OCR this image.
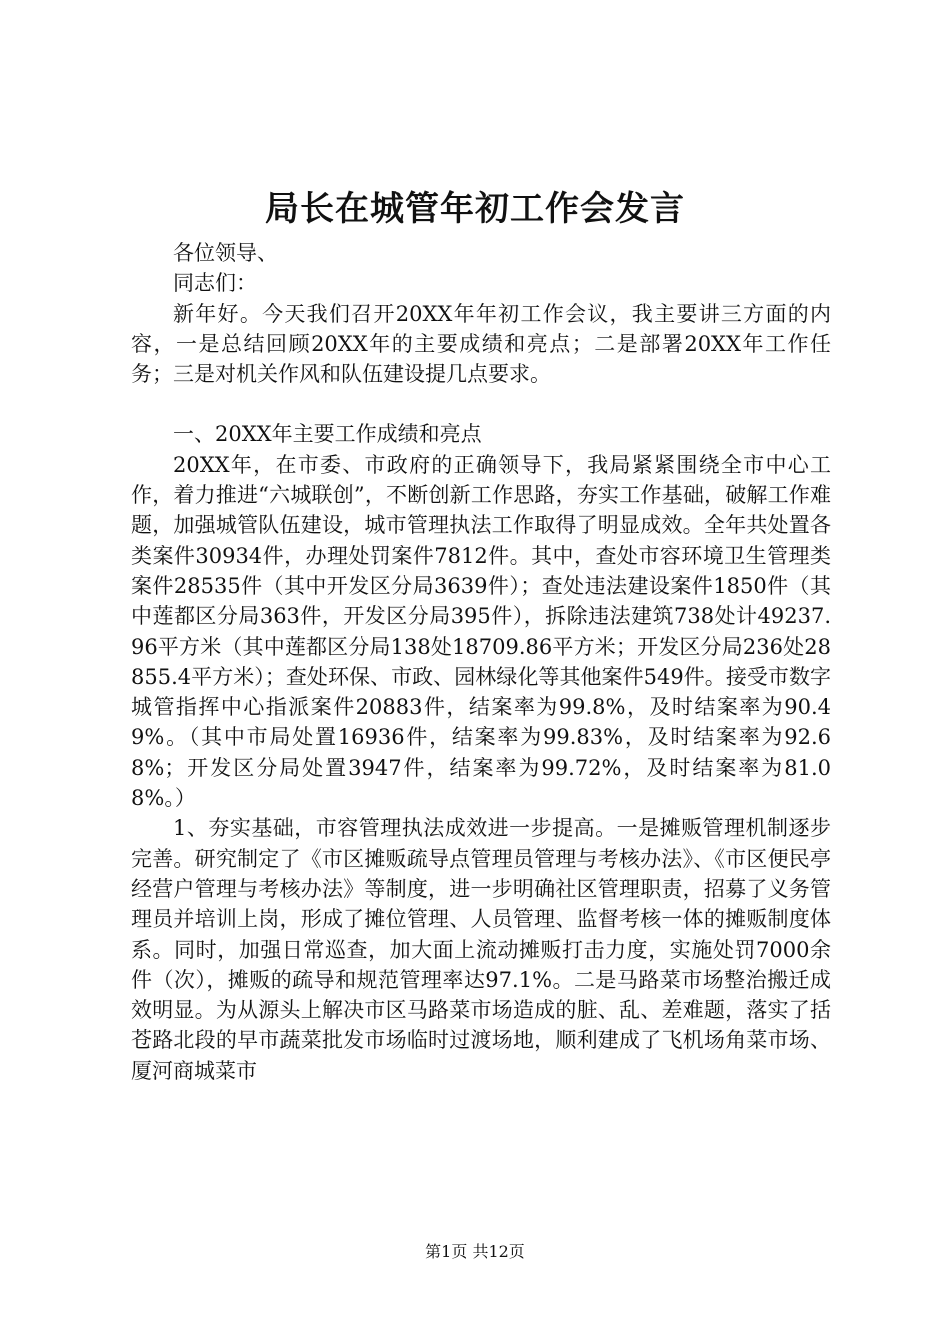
局长在城管年初工作会发言

各位领导、

同志们：

新年好。今天我们召开20XX年年初工作会议，我主要讲三方面的内容，一是总结回顾20XX年的主要成绩和亮点；二是部署20XX年工作任务；三是对机关作风和队伍建设提几点要求。

一、20XX年主要工作成绩和亮点

20XX年，在市委、市政府的正确领导下，我局紧紧围绕全市中心工作，着力推进“六城联创”，不断创新工作思路，夯实工作基础，破解工作难题，加强城管队伍建设，城市管理执法工作取得了明显成效。全年共处置各类案件30934件，办理处罚案件7812件。其中，查处市容环境卫生管理类案件28535件（其中开发区分局3639件）；查处违法建设案件1850件（其中莲都区分局363件，开发区分局395件），拆除违法建筑738处计49237.96平方米（其中莲都区分局138处18709.86平方米；开发区分局236处28855.4平方米）；查处环保、市政、园林绿化等其他案件549件。接受市数字城管指挥中心指派案件20883件，结案率为99.8%，及时结案率为90.49%。（其中市局处置16936件，结案率为99.83%，及时结案率为92.68%；开发区分局处置3947件，结案率为99.72%，及时结案率为81.08%。）

1、夯实基础，市容管理执法成效进一步提高。一是摊贩管理机制逐步完善。研究制定了《市区摊贩疏导点管理员管理与考核办法》、《市区便民亭经营户管理与考核办法》等制度，进一步明确社区管理职责，招募了义务管理员并培训上岗，形成了摊位管理、人员管理、监督考核一体的摊贩制度体系。同时，加强日常巡查，加大面上流动摊贩打击力度，实施处罚7000余件（次），摊贩的疏导和规范管理率达97.1%。二是马路菜市场整治搬迁成效明显。为从源头上解决市区马路菜市场造成的脏、乱、差难题，落实了括苍路北段的早市蔬菜批发市场临时过渡场地，顺利建成了飞机场角菜市场、厦河商城菜市

第1页 共12页
